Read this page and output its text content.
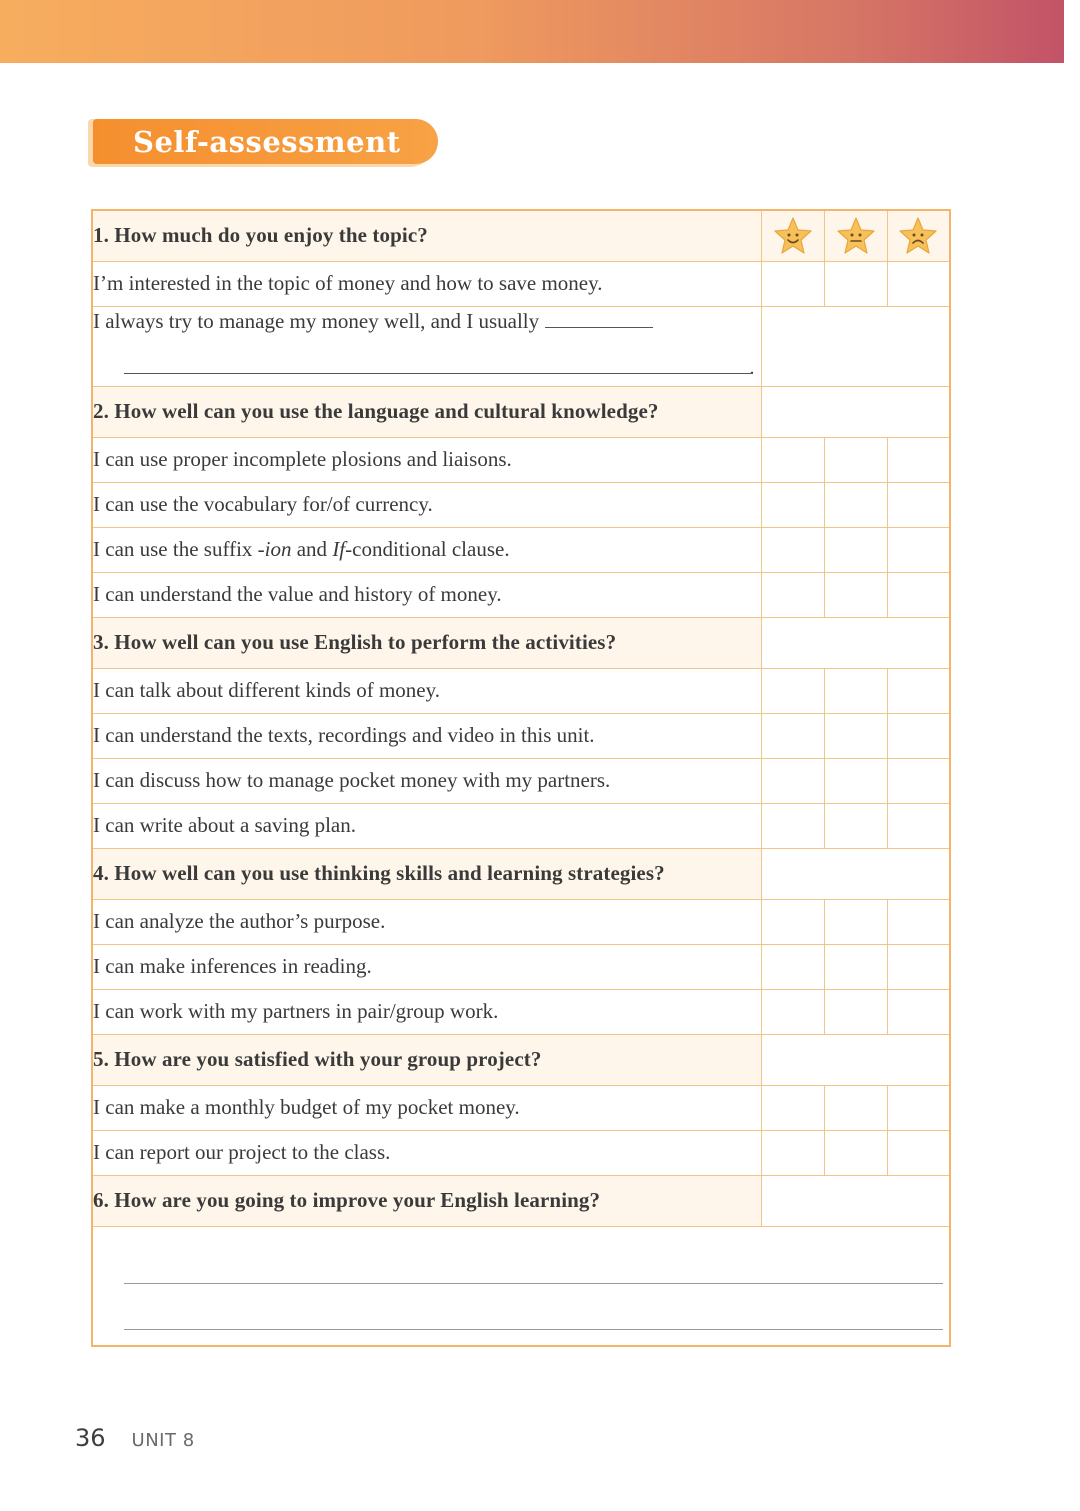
Self-assessment
1. How much do you enjoy the topic?	

I’m interested in the topic of money and how to save money.			
I always try to manage my money well, and I usually
.			

2. How well can you use the language and cultural knowledge?			
I can use proper incomplete plosions and liaisons.			
I can use the vocabulary for/of currency.			
I can use the suffix -ion and If-conditional clause.			
I can understand the value and history of money.			
3. How well can you use English to perform the activities?			
I can talk about different kinds of money.			
I can understand the texts, recordings and video in this unit.			
I can discuss how to manage pocket money with my partners.			
I can write about a saving plan.			
4. How well can you use thinking skills and learning strategies?			
I can analyze the author’s purpose.			
I can make inferences in reading.			
I can work with my partners in pair/group work.			
5. How are you satisfied with your group project?			
I can make a monthly budget of my pocket money.			
I can report our project to the class.			
6. How are you going to improve your English learning?			

36 UNIT 8
